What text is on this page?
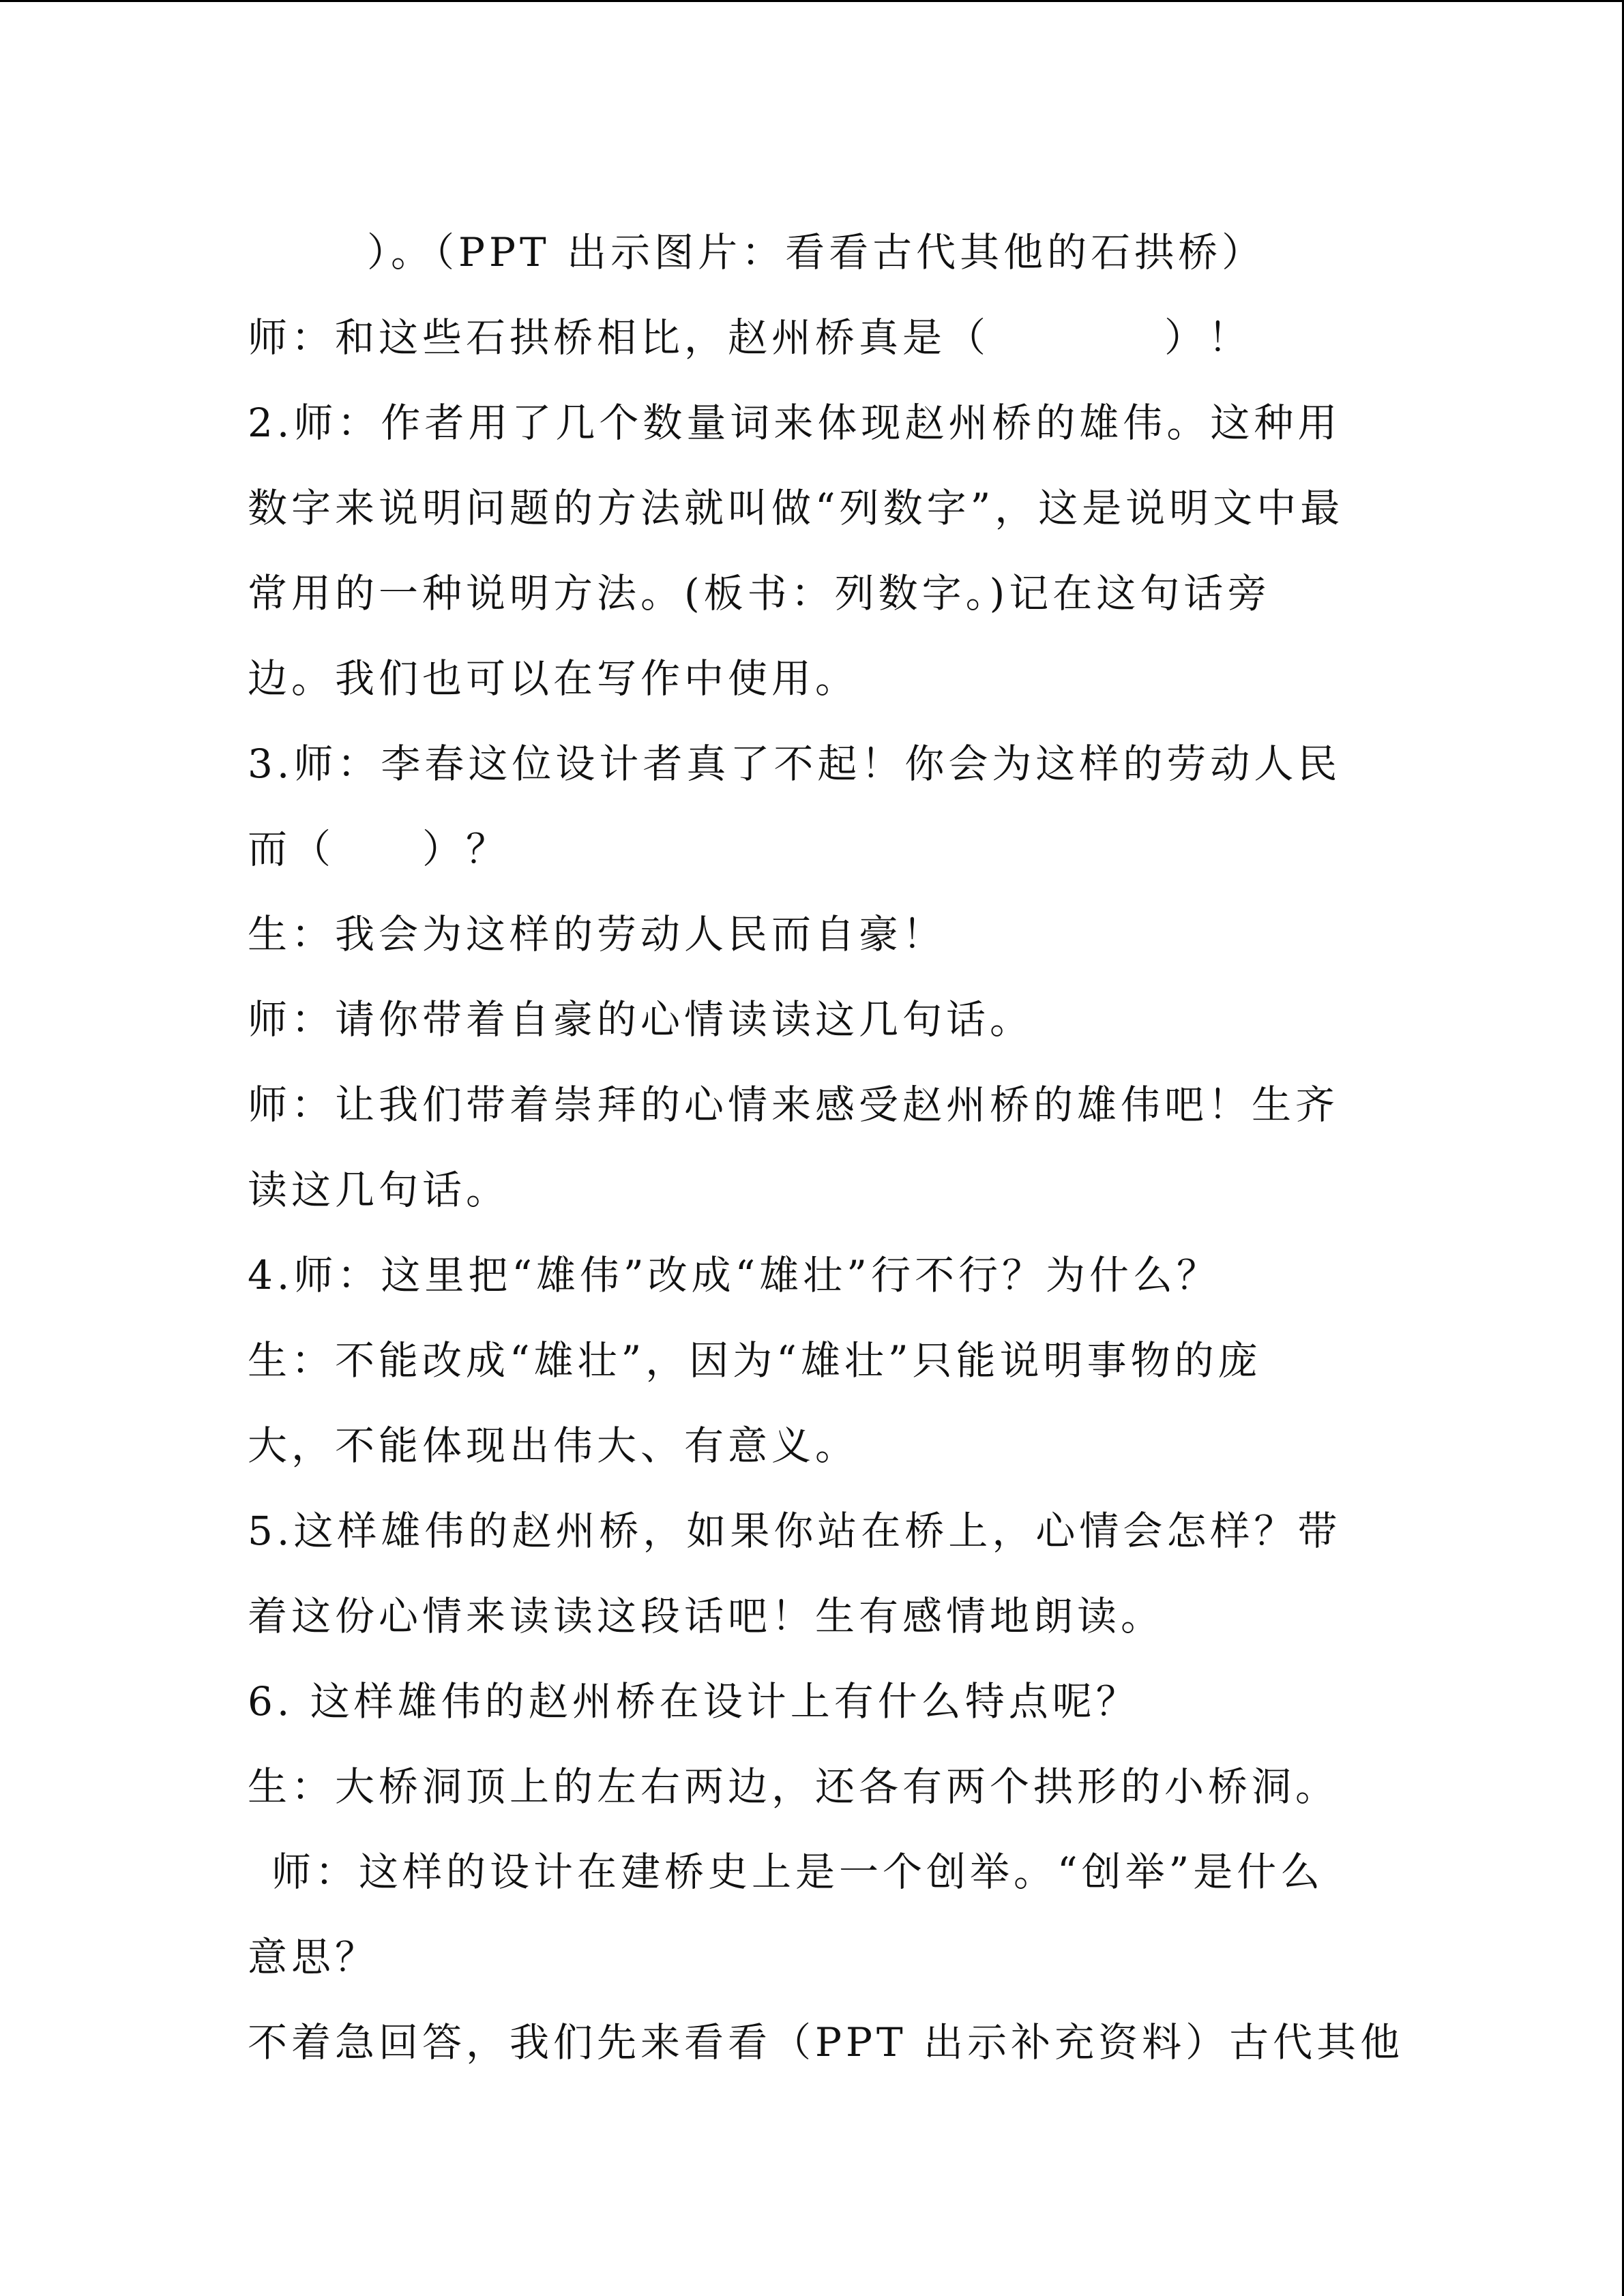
）。（PPT 出示图片：看看古代其他的石拱桥）
师：和这些石拱桥相比，赵州桥真是（　　　　）！
2.师：作者用了几个数量词来体现赵州桥的雄伟。这种用
数字来说明问题的方法就叫做“列数字”，这是说明文中最
常用的一种说明方法。(板书：列数字。)记在这句话旁
边。我们也可以在写作中使用。
3.师：李春这位设计者真了不起！你会为这样的劳动人民
而（　　）？
生：我会为这样的劳动人民而自豪！
师：请你带着自豪的心情读读这几句话。
师：让我们带着崇拜的心情来感受赵州桥的雄伟吧！生齐
读这几句话。
4.师：这里把“雄伟”改成“雄壮”行不行？为什么？
生：不能改成“雄壮”，因为“雄壮”只能说明事物的庞
大，不能体现出伟大、有意义。
5.这样雄伟的赵州桥，如果你站在桥上，心情会怎样？带
着这份心情来读读这段话吧！生有感情地朗读。
6. 这样雄伟的赵州桥在设计上有什么特点呢？
生：大桥洞顶上的左右两边，还各有两个拱形的小桥洞。
师：这样的设计在建桥史上是一个创举。“创举”是什么
意思？
不着急回答，我们先来看看（PPT 出示补充资料）古代其他
